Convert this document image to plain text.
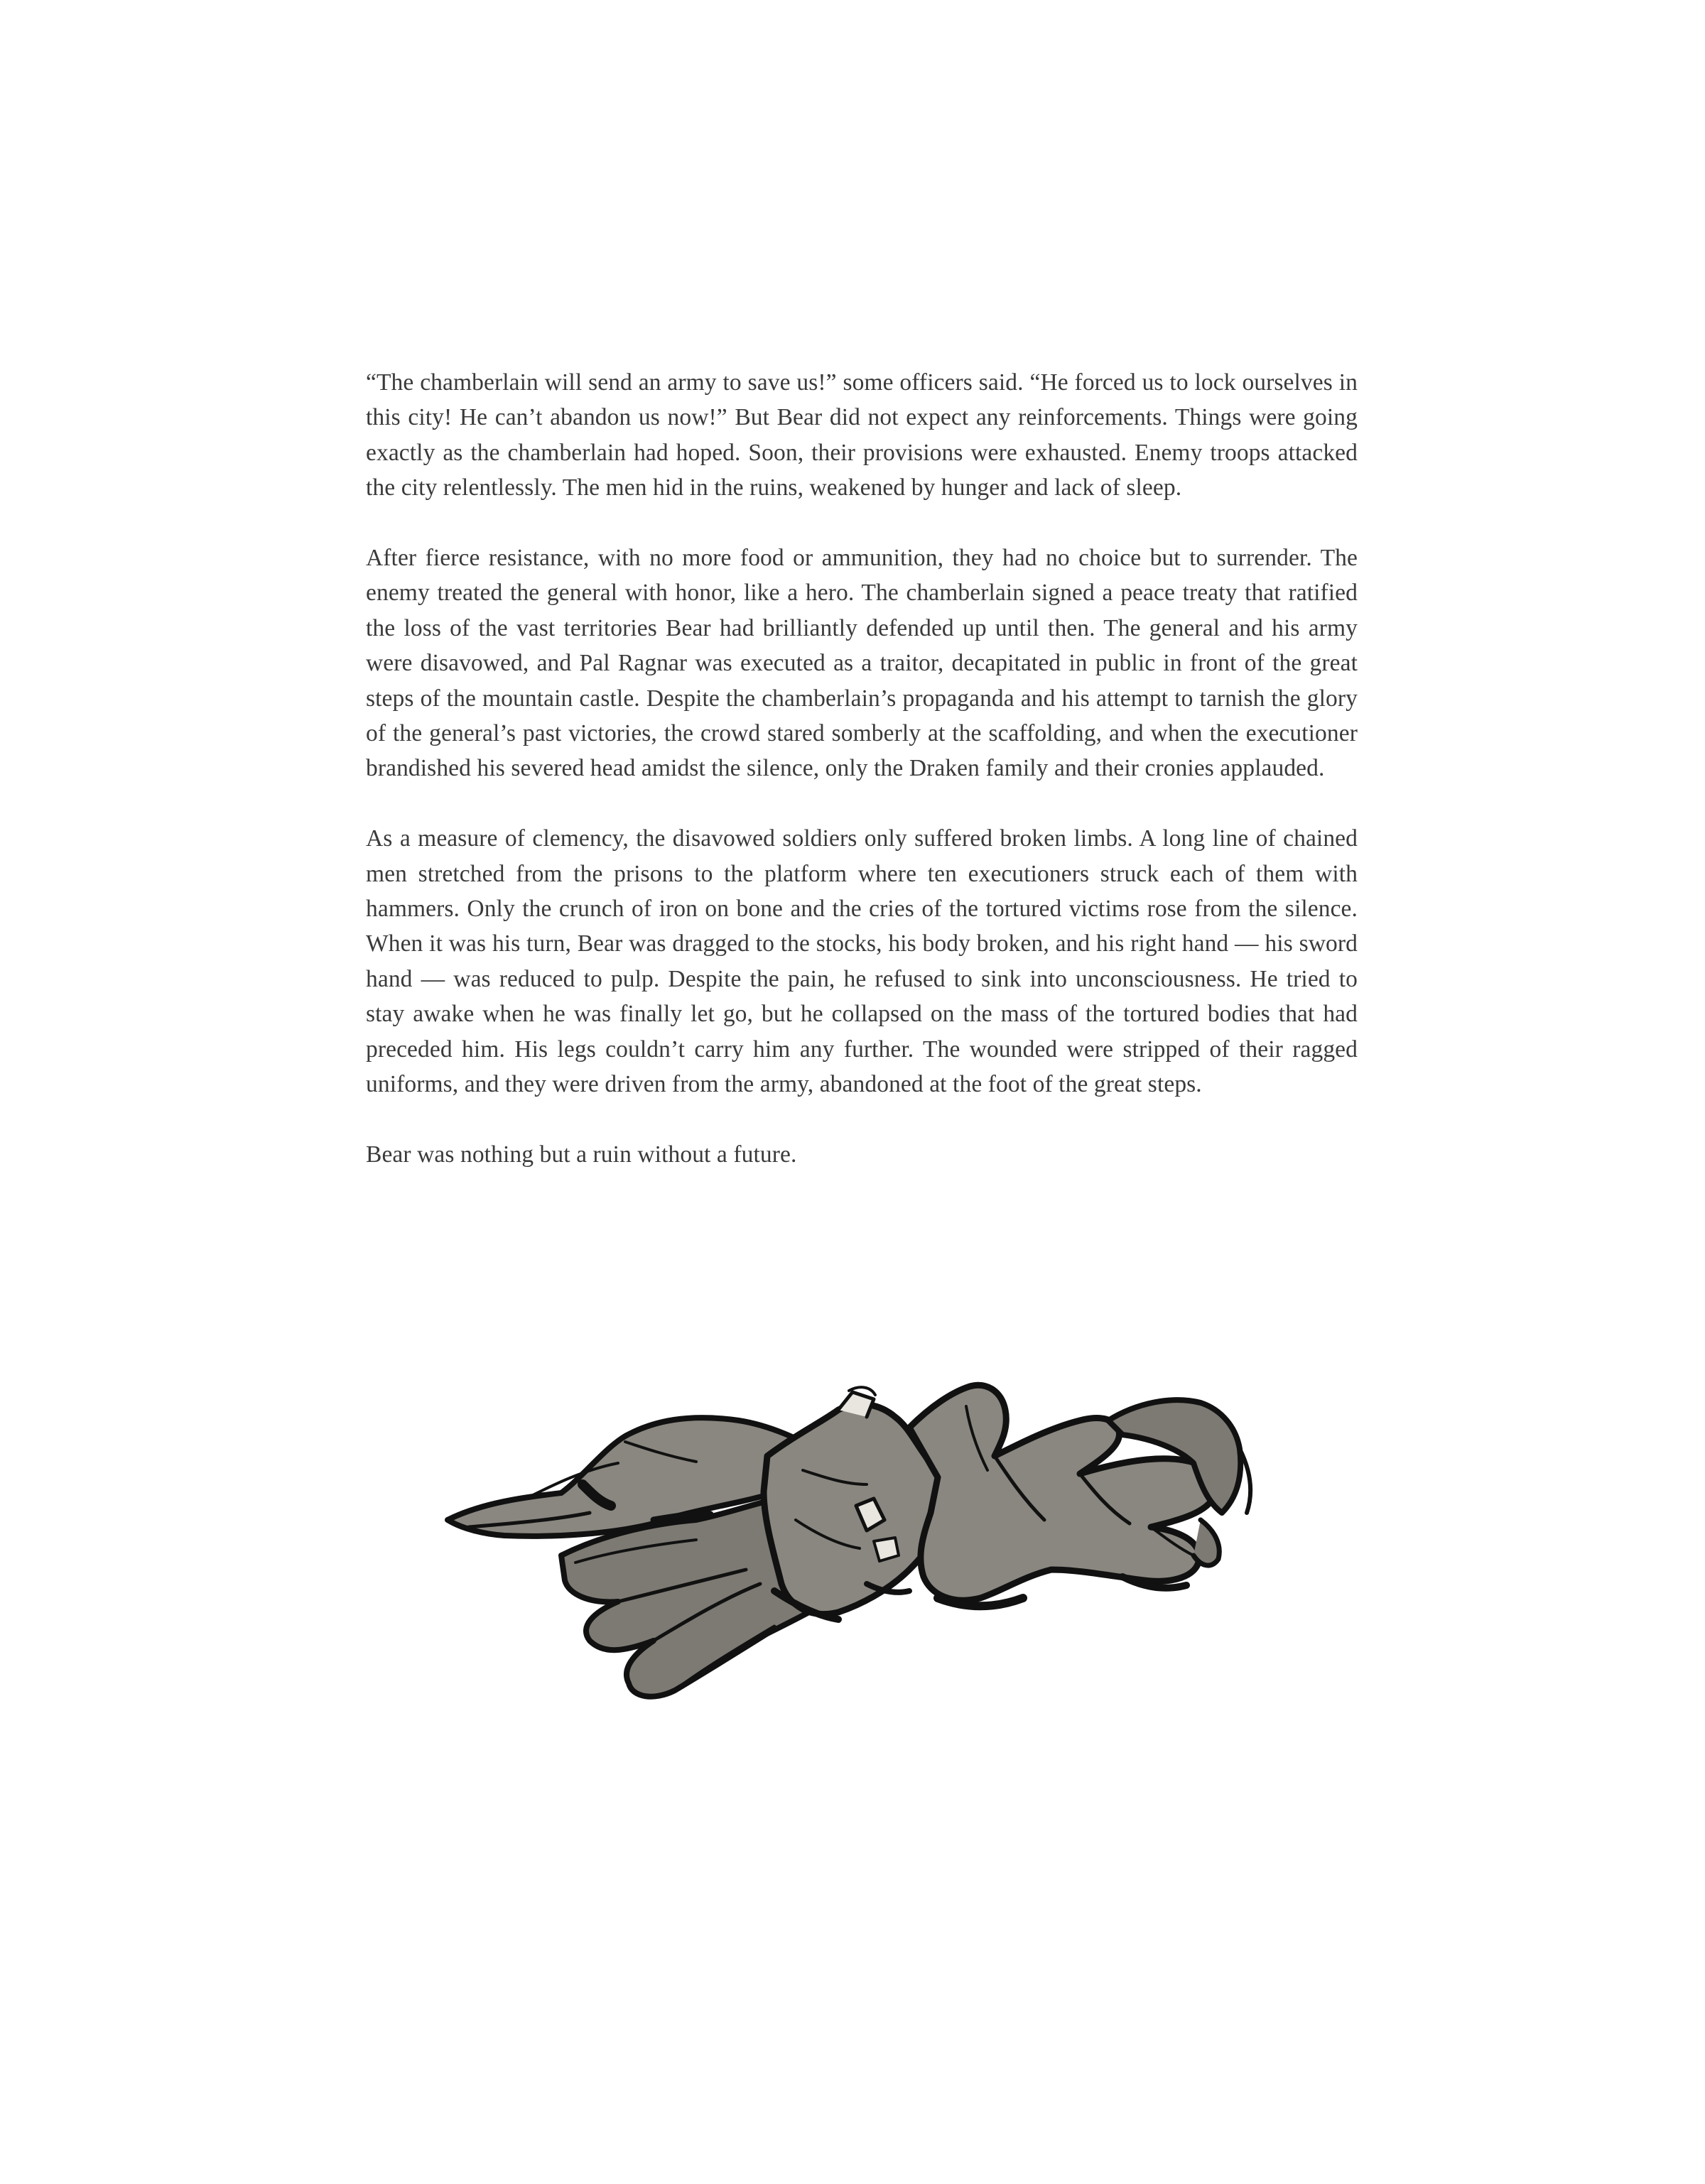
“The chamberlain will send an army to save us!” some officers said. “He forced us to lock ourselves in this city! He can’t abandon us now!” But Bear did not expect any reinforcements. Things were going exactly as the chamberlain had hoped. Soon, their provisions were exhausted. Enemy troops attacked the city relentlessly. The men hid in the ruins, weakened by hunger and lack of sleep.

After fierce resistance, with no more food or ammunition, they had no choice but to surrender. The enemy treated the general with honor, like a hero. The chamberlain signed a peace treaty that ratified the loss of the vast territories Bear had brilliantly defended up until then. The general and his army were disavowed, and Pal Ragnar was executed as a traitor, decapitated in public in front of the great steps of the mountain castle. Despite the chamberlain’s propaganda and his attempt to tarnish the glory of the general’s past victories, the crowd stared somberly at the scaffolding, and when the executioner brandished his severed head amidst the silence, only the Draken family and their cronies applauded.

As a measure of clemency, the disavowed soldiers only suffered broken limbs. A long line of chained men stretched from the prisons to the platform where ten executioners struck each of them with hammers. Only the crunch of iron on bone and the cries of the tortured victims rose from the silence. When it was his turn, Bear was dragged to the stocks, his body broken, and his right hand — his sword hand — was reduced to pulp. Despite the pain, he refused to sink into unconsciousness. He tried to stay awake when he was finally let go, but he collapsed on the mass of the tortured bodies that had preceded him. His legs couldn’t carry him any further. The wounded were stripped of their ragged uniforms, and they were driven from the army, abandoned at the foot of the great steps.

Bear was nothing but a ruin without a future.
